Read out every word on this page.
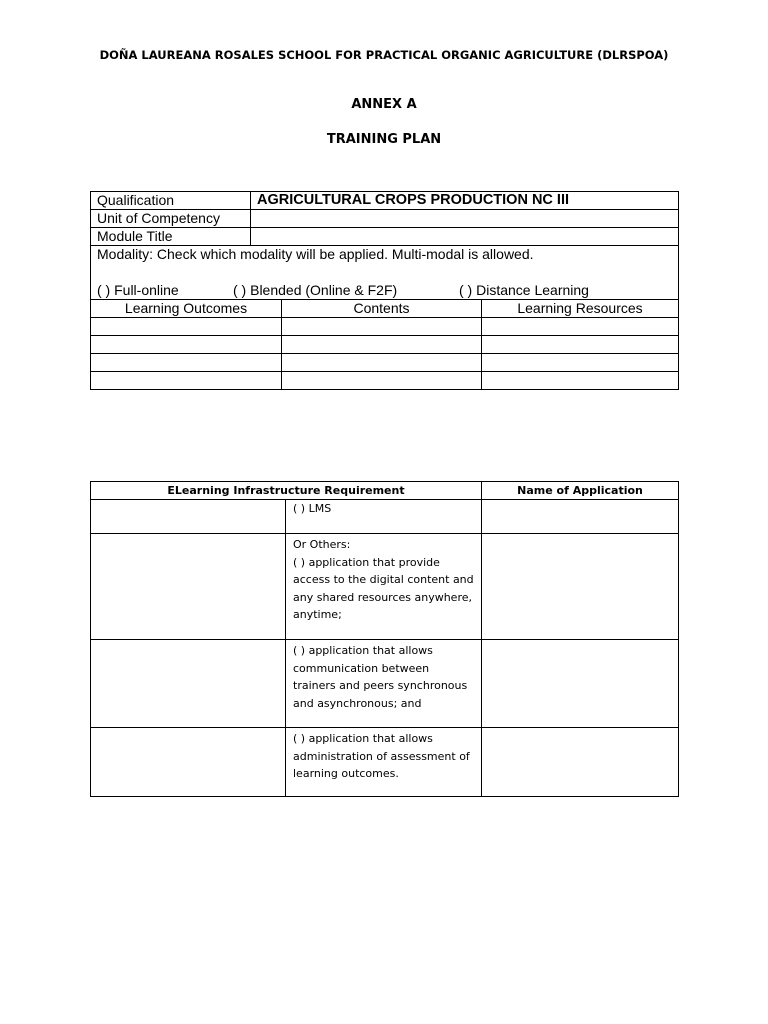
DOÑA LAUREANA ROSALES SCHOOL FOR PRACTICAL ORGANIC AGRICULTURE (DLRSPOA)
ANNEX A
TRAINING PLAN
Qualification	AGRICULTURAL CROPS PRODUCTION NC III		
Unit of Competency			
Module Title			

Modality: Check which modality will be applied. Multi-modal is allowed.
( ) Full-online ( ) Blended (Online & F2F) ( ) Distance Learning			

Learning Outcomes		Contents	Learning Resources

ELearning Infrastructure Requirement		Name of Application
	( ) LMS	

	Or Others:
( ) application that provide access to the digital content and any shared resources anywhere, anytime;	

	( ) application that allows communication between trainers and peers synchronous and asynchronous; and	
	( ) application that allows administration of assessment of learning outcomes.	
